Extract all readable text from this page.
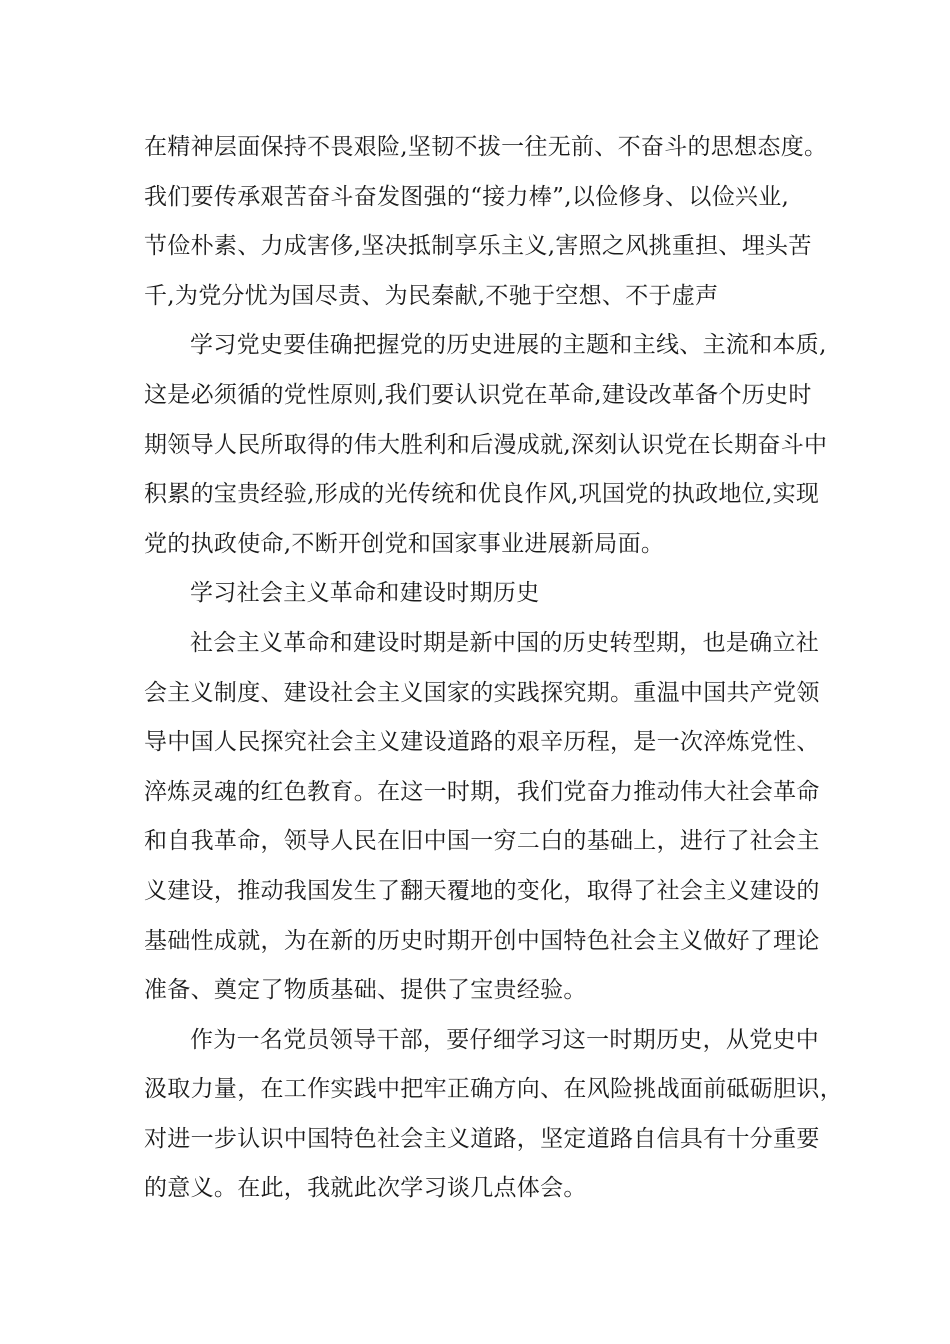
在精神层面保持不畏艰险,坚韧不拔一往无前、不奋斗的思想态度。
我们要传承艰苦奋斗奋发图强的“接力棒”,以俭修身、以俭兴业,
节俭朴素、力成害侈,坚决抵制享乐主义,害照之风挑重担、埋头苦
千,为党分忧为国尽责、为民秦献,不驰于空想、不于虚声

学习党史要佳确把握党的历史进展的主题和主线、主流和本质,
这是必须循的党性原则,我们要认识党在革命,建设改革备个历史时
期领导人民所取得的伟大胜利和后漫成就,深刻认识党在长期奋斗中
积累的宝贵经验,形成的光传统和优良作风,巩国党的执政地位,实现
党的执政使命,不断开创党和国家事业进展新局面。

学习社会主义革命和建设时期历史

社会主义革命和建设时期是新中国的历史转型期，也是确立社
会主义制度、建设社会主义国家的实践探究期。重温中国共产党领
导中国人民探究社会主义建设道路的艰辛历程，是一次淬炼党性、
淬炼灵魂的红色教育。在这一时期，我们党奋力推动伟大社会革命
和自我革命，领导人民在旧中国一穷二白的基础上，进行了社会主
义建设，推动我国发生了翻天覆地的变化，取得了社会主义建设的
基础性成就，为在新的历史时期开创中国特色社会主义做好了理论
准备、奠定了物质基础、提供了宝贵经验。

作为一名党员领导干部，要仔细学习这一时期历史，从党史中
汲取力量，在工作实践中把牢正确方向、在风险挑战面前砥砺胆识，
对进一步认识中国特色社会主义道路，坚定道路自信具有十分重要
的意义。在此，我就此次学习谈几点体会。
